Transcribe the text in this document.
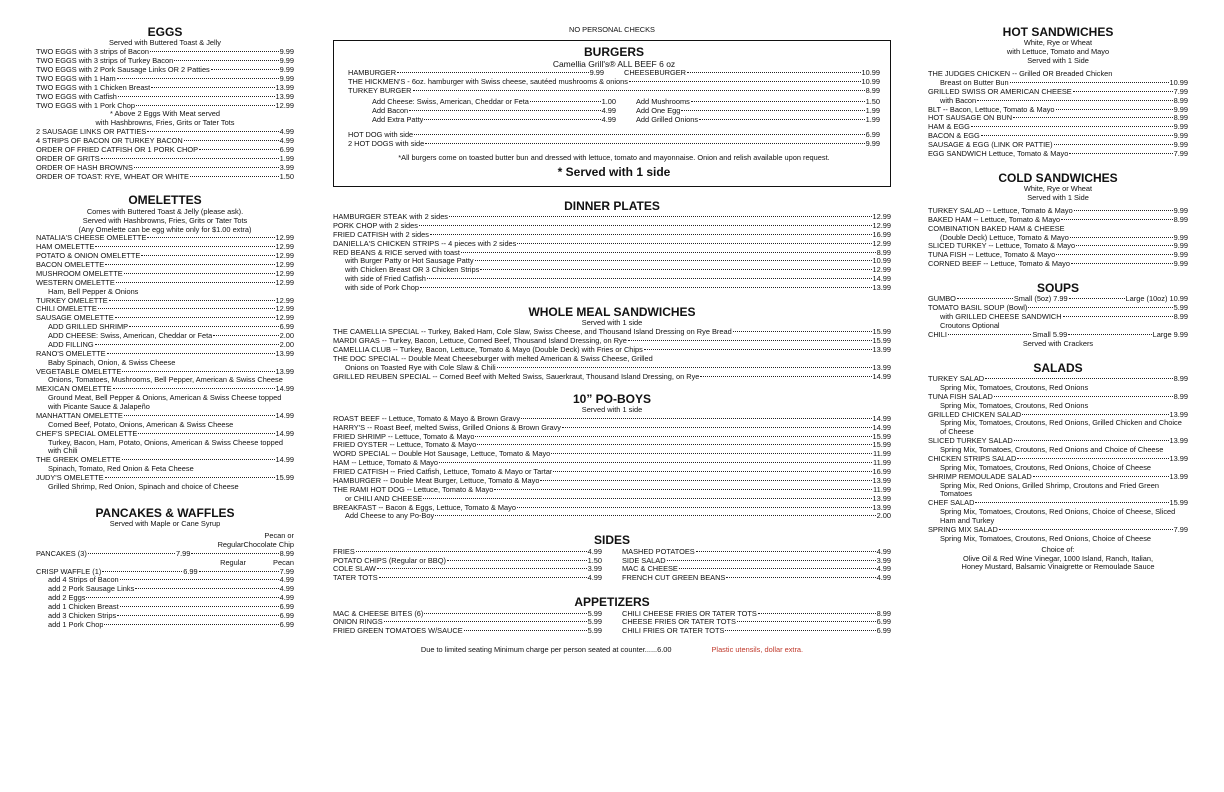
EGGS

Served with Buttered Toast & Jelly

TWO EGGS with 3 strips of Bacon	9.99
TWO EGGS with 3 strips of Turkey Bacon	9.99
TWO EGGS with 2 Pork Sausage Links OR 2 Patties	9.99
TWO EGGS with 1 Ham	9.99
TWO EGGS with 1 Chicken Breast	13.99
TWO EGGS with Catfish	13.99
TWO EGGS with 1 Pork Chop	12.99

* Above 2 Eggs With Meat served

with Hashbrowns, Fries, Grits or Tater Tots

2 SAUSAGE LINKS OR PATTIES	4.99
4 STRIPS OF BACON OR TURKEY BACON	4.99
ORDER OF FRIED CATFISH OR 1 PORK CHOP	6.99
ORDER OF GRITS	1.99
ORDER OF HASH BROWNS	3.99
ORDER OF TOAST: RYE, WHEAT OR WHITE	1.50
OMELETTES

Comes with Buttered Toast & Jelly (please ask).

Served with Hashbrowns, Fries, Grits or Tater Tots

(Any Omelette can be egg white only for $1.00 extra)

NATALIA'S CHEESE OMELETTE	12.99
HAM OMELETTE	12.99
POTATO & ONION OMELETTE	12.99
BACON OMELETTE	12.99
MUSHROOM OMELETTE	12.99
WESTERN OMELETTE	12.99
Ham, Bell Pepper & Onions
TURKEY OMELETTE	12.99
CHILI OMELETTE	12.99
SAUSAGE OMELETTE	12.99
ADD GRILLED SHRIMP	6.99
ADD CHEESE: Swiss, American, Cheddar or Feta	2.00
ADD FILLING	2.00
RANO'S OMELETTE	13.99
Baby Spinach, Onion, & Swiss Cheese
VEGETABLE OMELETTE	13.99
Onions, Tomatoes, Mushrooms, Bell Pepper, American & Swiss Cheese
MEXICAN OMELETTE	14.99
Ground Meat, Bell Pepper & Onions, American & Swiss Cheese topped with Picante Sauce & Jalapeño
MANHATTAN OMELETTE	14.99
Corned Beef, Potato, Onions, American & Swiss Cheese
CHEF'S SPECIAL OMELETTE	14.99
Turkey, Bacon, Ham, Potato, Onions, American & Swiss Cheese topped with Chili
THE GREEK OMELETTE	14.99
Spinach, Tomato, Red Onion & Feta Cheese
JUDY'S OMELETTE	15.99
Grilled Shrimp, Red Onion, Spinach and choice of Cheese
PANCAKES & WAFFLES

Served with Maple or Cane Syrup

Pecan or
Regular Chocolate Chip
PANCAKES (3)	7.99	8.99
Regular	Pecan
CRISP WAFFLE (1)	6.99	7.99
add 4 Strips of Bacon	4.99
add 2 Pork Sausage Links	4.99
add 2 Eggs	4.99
add 1 Chicken Breast	6.99
add 3 Chicken Strips	6.99
add 1 Pork Chop	6.99

NO PERSONAL CHECKS

BURGERS

Camellia Grill's® ALL BEEF 6 oz

HAMBURGER	9.99	CHEESEBURGER	10.99
THE HICKMEN'S - 6oz. hamburger with Swiss cheese, sautéed mushrooms & onions	10.99
TURKEY BURGER	8.99
Add Cheese: Swiss, American, Cheddar or Feta	1.00
Add Bacon	4.99
Add Extra Patty	4.99
Add Mushrooms	1.50
Add One Egg	1.99
Add Grilled Onions	1.99
HOT DOG with side	6.99
2 HOT DOGS with side	9.99

*All burgers come on toasted butter bun and dressed with lettuce, tomato and mayonnaise. Onion and relish available upon request.

* Served with 1 side

DINNER PLATES
HAMBURGER STEAK with 2 sides	12.99
PORK CHOP with 2 sides	12.99
FRIED CATFISH with 2 sides	16.99
DANIELLA'S CHICKEN STRIPS -- 4 pieces with 2 sides	12.99
RED BEANS & RICE served with toast	8.99
with Burger Patty or Hot Sausage Patty	10.99
with Chicken Breast OR 3 Chicken Strips	12.99
with side of Fried Catfish	14.99
with side of Pork Chop	13.99
WHOLE MEAL SANDWICHES

Served with 1 side

THE CAMELLIA SPECIAL -- Turkey, Baked Ham, Cole Slaw, Swiss Cheese, and Thousand Island Dressing on Rye Bread	15.99
MARDI GRAS -- Turkey, Bacon, Lettuce, Corned Beef, Thousand Island Dressing, on Rye	15.99
CAMELLIA CLUB -- Turkey, Bacon, Lettuce, Tomato & Mayo (Double Deck) with Fries or Chips	13.99
THE DOC SPECIAL -- Double Meat Cheeseburger with melted American & Swiss Cheese, Grilled
Onions on Toasted Rye with Cole Slaw & Chili	13.99
GRILLED REUBEN SPECIAL -- Corned Beef with Melted Swiss, Sauerkraut, Thousand Island Dressing, on Rye	14.99
10” PO-BOYS

Served with 1 side

ROAST BEEF -- Lettuce, Tomato & Mayo & Brown Gravy	14.99
HARRY'S -- Roast Beef, melted Swiss, Grilled Onions & Brown Gravy	14.99
FRIED SHRIMP -- Lettuce, Tomato & Mayo	15.99
FRIED OYSTER -- Lettuce, Tomato & Mayo	15.99
WORD SPECIAL -- Double Hot Sausage, Lettuce, Tomato & Mayo	11.99
HAM -- Lettuce, Tomato & Mayo	11.99
FRIED CATFISH -- Fried Catfish, Lettuce, Tomato & Mayo or Tartar	16.99
HAMBURGER -- Double Meat Burger, Lettuce, Tomato & Mayo	13.99
THE RAMI HOT DOG -- Lettuce, Tomato & Mayo	11.99
or CHILI AND CHEESE	13.99
BREAKFAST -- Bacon & Eggs, Lettuce, Tomato & Mayo	13.99
Add Cheese to any Po-Boy	2.00
SIDES
FRIES	4.99
POTATO CHIPS (Regular or BBQ)	1.50
COLE SLAW	3.99
TATER TOTS	4.99
MASHED POTATOES	4.99
SIDE SALAD	3.99
MAC & CHEESE	4.99
FRENCH CUT GREEN BEANS	4.99
APPETIZERS
MAC & CHEESE BITES (6)	5.99
ONION RINGS	5.99
FRIED GREEN TOMATOES W/SAUCE	5.99
CHILI CHEESE FRIES OR TATER TOTS	8.99
CHEESE FRIES OR TATER TOTS	6.99
CHILI FRIES OR TATER TOTS	6.99
Due to limited seating Minimum charge per person seated at counter......6.00	Plastic utensils, dollar extra.
HOT SANDWICHES

White, Rye or Wheat

with Lettuce, Tomato and Mayo

Served with 1 Side

THE JUDGES CHICKEN -- Grilled OR Breaded Chicken
Breast on Butter Bun	10.99
GRILLED SWISS OR AMERICAN CHEESE	7.99
with Bacon	8.99
BLT -- Bacon, Lettuce, Tomato & Mayo	9.99
HOT SAUSAGE ON BUN	8.99
HAM & EGG	9.99
BACON & EGG	9.99
SAUSAGE & EGG (LINK OR PATTIE)	9.99
EGG SANDWICH Lettuce, Tomato & Mayo	7.99
COLD SANDWICHES

White, Rye or Wheat

Served with 1 Side

TURKEY SALAD -- Lettuce, Tomato & Mayo	9.99
BAKED HAM -- Lettuce, Tomato & Mayo	8.99
COMBINATION BAKED HAM & CHEESE
(Double Deck) Lettuce, Tomato & Mayo	9.99
SLICED TURKEY -- Lettuce, Tomato & Mayo	9.99
TUNA FISH -- Lettuce, Tomato & Mayo	9.99
CORNED BEEF -- Lettuce, Tomato & Mayo	9.99
SOUPS
GUMBO	Small (5oz) 7.99	Large (10oz) 10.99
TOMATO BASIL SOUP (Bowl)	5.99
with GRILLED CHEESE SANDWICH	8.99
Croutons Optional
CHILI	Small 5.99	Large 9.99

Served with Crackers

SALADS
TURKEY SALAD	8.99
Spring Mix, Tomatoes, Croutons, Red Onions
TUNA FISH SALAD	8.99
Spring Mix, Tomatoes, Croutons, Red Onions
GRILLED CHICKEN SALAD	13.99
Spring Mix, Tomatoes, Croutons, Red Onions, Grilled Chicken and Choice of Cheese
SLICED TURKEY SALAD	13.99
Spring Mix, Tomatoes, Croutons, Red Onions and Choice of Cheese
CHICKEN STRIPS SALAD	13.99
Spring Mix, Tomatoes, Croutons, Red Onions, Choice of Cheese
SHRIMP REMOULADE SALAD	13.99
Spring Mix, Red Onions, Grilled Shrimp, Croutons and Fried Green Tomatoes
CHEF SALAD	15.99
Spring Mix, Tomatoes, Croutons, Red Onions, Choice of Cheese, Sliced Ham and Turkey
SPRING MIX SALAD	7.99
Spring Mix, Tomatoes, Croutons, Red Onions, Choice of Cheese

Choice of:

Olive Oil & Red Wine Vinegar, 1000 Island, Ranch, Italian,

Honey Mustard, Balsamic Vinaigrette or Remoulade Sauce
